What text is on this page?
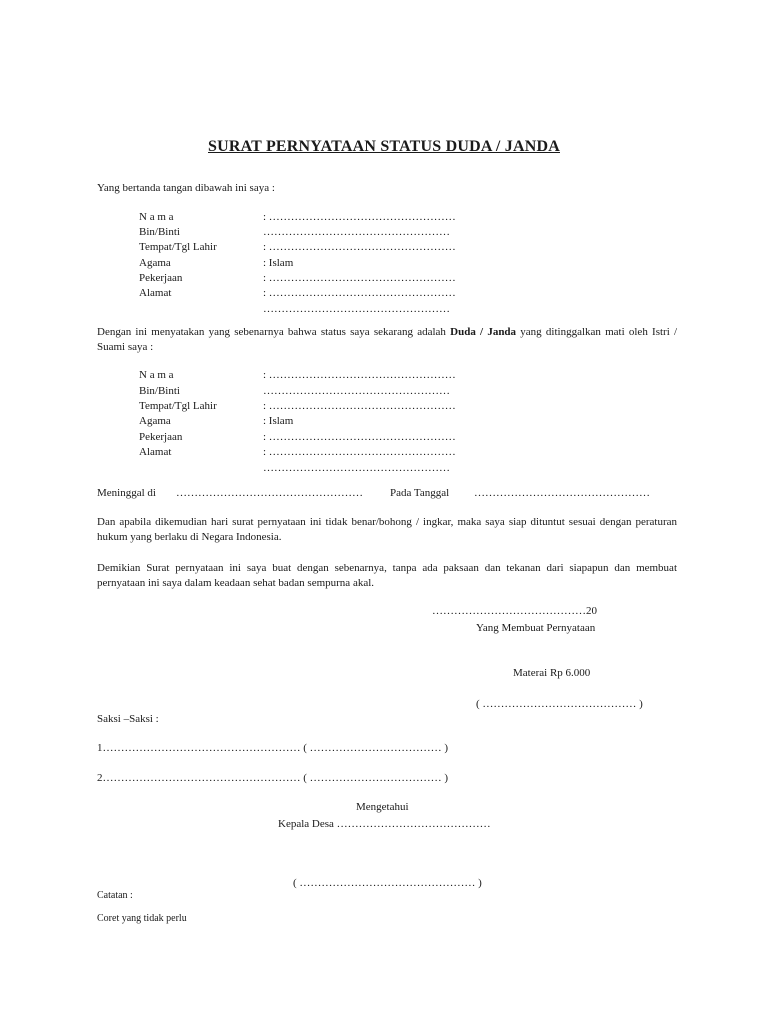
SURAT PERNYATAAN STATUS DUDA / JANDA
Yang bertanda tangan dibawah ini saya :
N a m a	: ……………………………………………
Bin/Binti	……………………………………………
Tempat/Tgl Lahir	: ……………………………………………
Agama	: Islam
Pekerjaan	: ……………………………………………
Alamat	: ……………………………………………
……………………………………………
Dengan ini menyatakan yang sebenarnya bahwa status saya sekarang adalah Duda / Janda yang ditinggalkan mati oleh Istri / Suami saya :
N a m a	: ……………………………………………
Bin/Binti	……………………………………………
Tempat/Tgl Lahir	: ……………………………………………
Agama	: Islam
Pekerjaan	: ……………………………………………
Alamat	: ……………………………………………
……………………………………………
Meninggal di …………………………………………… Pada Tanggal …………………………………………
Dan apabila dikemudian hari surat pernyataan ini tidak benar/bohong / ingkar, maka saya siap dituntut sesuai dengan peraturan hukum yang berlaku di Negara Indonesia.
Demikian Surat pernyataan ini saya buat dengan sebenarnya, tanpa ada paksaan dan tekanan dari siapapun dan membuat pernyataan ini saya dalam keadaan sehat badan sempurna akal.
……………………………………20
Yang Membuat Pernyataan
Materai Rp 6.000
( …………………………………… )
Saksi –Saksi :
1……………………………………………… ( ……………………………… )
2……………………………………………… ( ……………………………… )
Mengetahui
Kepala Desa ……………………………………
( ………………………………………… )
Catatan :
Coret yang tidak perlu
